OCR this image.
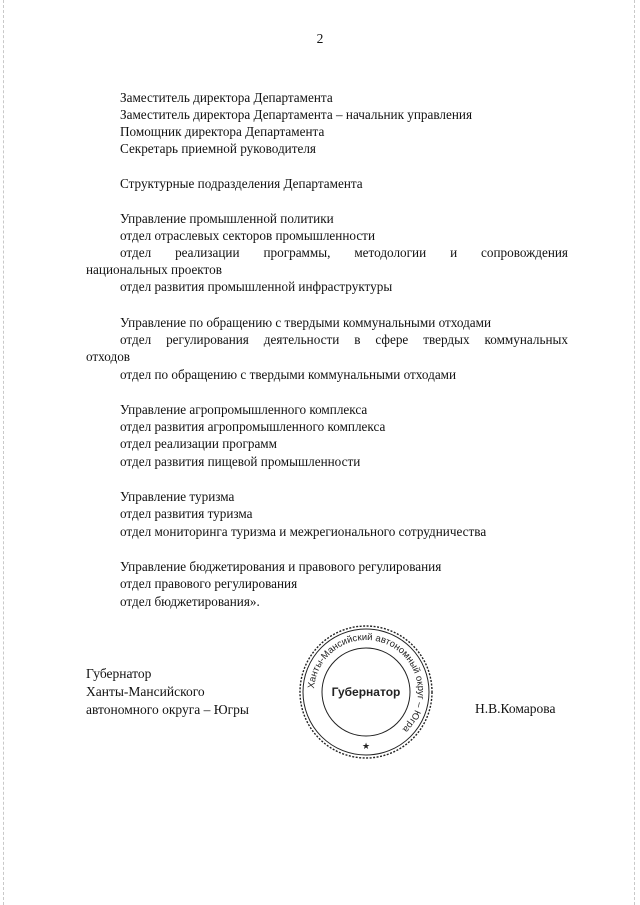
2
Заместитель директора Департамента
Заместитель директора Департамента – начальник управления
Помощник директора Департамента
Секретарь приемной руководителя
Структурные подразделения Департамента
Управление промышленной политики
отдел отраслевых секторов промышленности
отдел реализации программы, методологии и сопровождения
национальных проектов
отдел развития промышленной инфраструктуры
Управление по обращению с твердыми коммунальными отходами
отдел регулирования деятельности в сфере твердых коммунальных
отходов
отдел по обращению с твердыми коммунальными отходами
Управление агропромышленного комплекса
отдел развития агропромышленного комплекса
отдел реализации программ
отдел развития пищевой промышленности
Управление туризма
отдел развития туризма
отдел мониторинга туризма и межрегионального сотрудничества
Управление бюджетирования и правового регулирования
отдел правового регулирования
отдел бюджетирования».
Губернатор
Ханты-Мансийского
автономного округа – Югры
Ханты-Мансийский автономный округ – Югра
Губернатор
★
Н.В.Комарова
